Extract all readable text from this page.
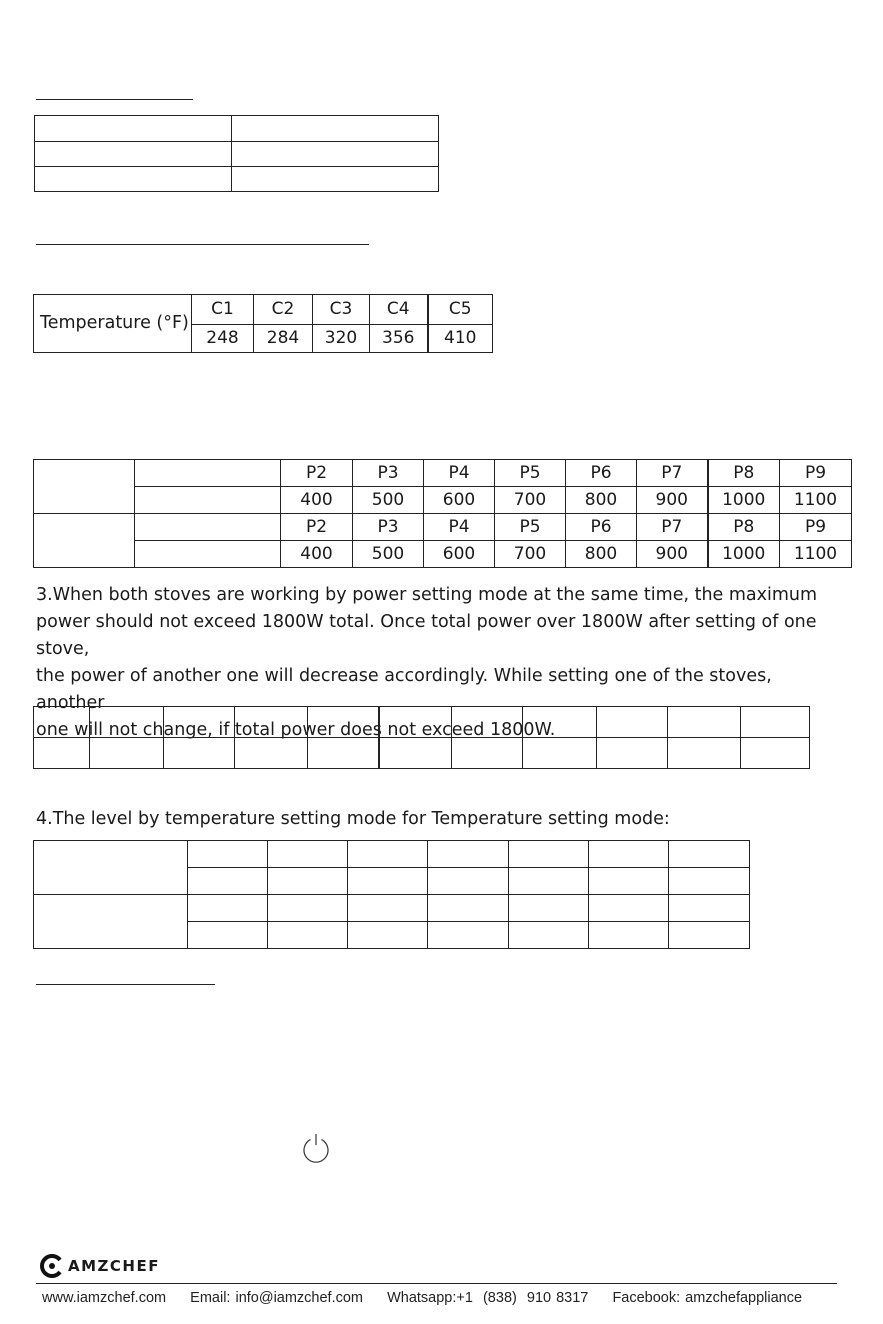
Temperature (°F)	C1	C2	C3	C4	C5
	248	284	320	356	410
		P2	P3	P4	P5	P6	P7	P8	P9
		400	500	600	700	800	900	1000	1100
		P2	P3	P4	P5	P6	P7	P8	P9
		400	500	600	700	800	900	1000	1100
3.When both stoves are working by power setting mode at the same time, the maximum
power should not exceed 1800W total. Once total power over 1800W after setting of one stove,
the power of another one will decrease accordingly. While setting one of the stoves, another
one will not change, if total power does not exceed 1800W.

4.The level by temperature setting mode for Temperature setting mode:

AMZCHEF
www.iamzchef.com Email: info@iamzchef.com Whatsapp:+1  (838)  910 8317 Facebook: amzchefappliance
